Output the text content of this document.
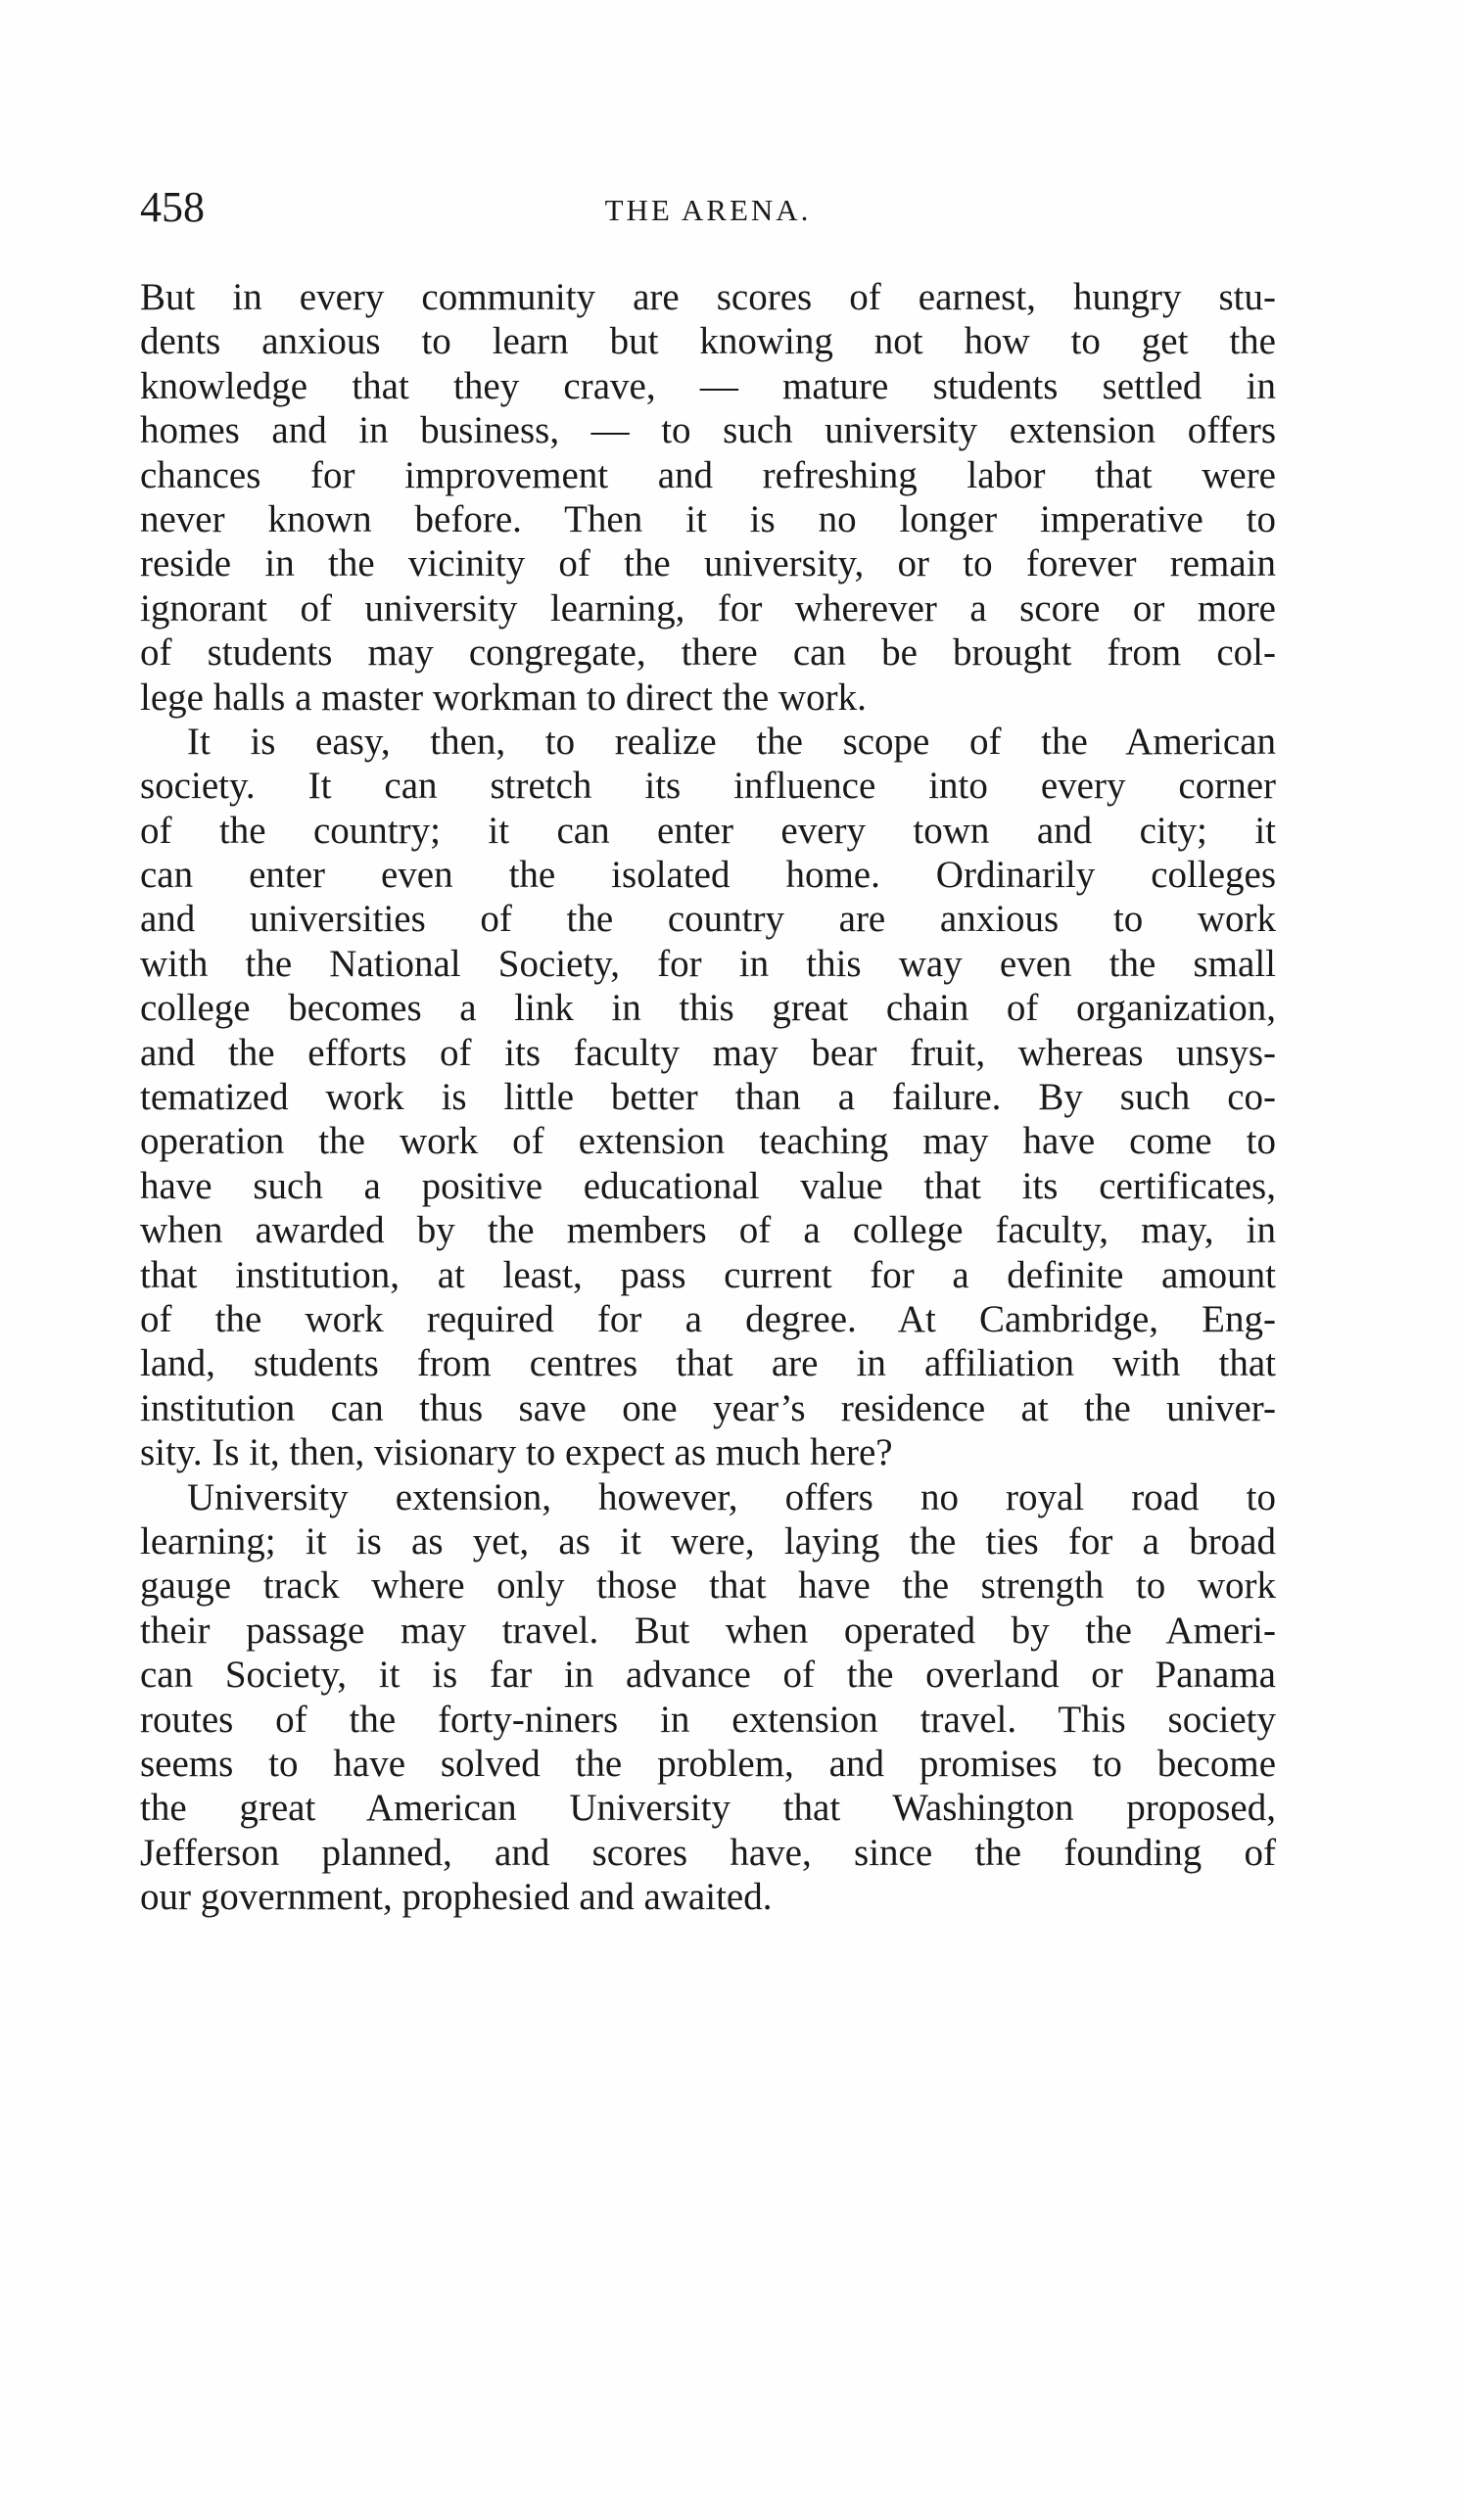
458	THE ARENA.
But in every community are scores of earnest, hungry stu-
dents anxious to learn but knowing not how to get the
knowledge that they crave, — mature students settled in
homes and in business, — to such university extension offers
chances for improvement and refreshing labor that were
never known before. Then it is no longer imperative to
reside in the vicinity of the university, or to forever remain
ignorant of university learning, for wherever a score or more
of students may congregate, there can be brought from col-
lege halls a master workman to direct the work.
It is easy, then, to realize the scope of the American
society. It can stretch its influence into every corner
of the country; it can enter every town and city; it
can enter even the isolated home. Ordinarily colleges
and universities of the country are anxious to work
with the National Society, for in this way even the small
college becomes a link in this great chain of organization,
and the efforts of its faculty may bear fruit, whereas unsys-
tematized work is little better than a failure. By such co-
operation the work of extension teaching may have come to
have such a positive educational value that its certificates,
when awarded by the members of a college faculty, may, in
that institution, at least, pass current for a definite amount
of the work required for a degree. At Cambridge, Eng-
land, students from centres that are in affiliation with that
institution can thus save one year’s residence at the univer-
sity. Is it, then, visionary to expect as much here?
University extension, however, offers no royal road to
learning; it is as yet, as it were, laying the ties for a broad
gauge track where only those that have the strength to work
their passage may travel. But when operated by the Ameri-
can Society, it is far in advance of the overland or Panama
routes of the forty-niners in extension travel. This society
seems to have solved the problem, and promises to become
the great American University that Washington proposed,
Jefferson planned, and scores have, since the founding of
our government, prophesied and awaited.
